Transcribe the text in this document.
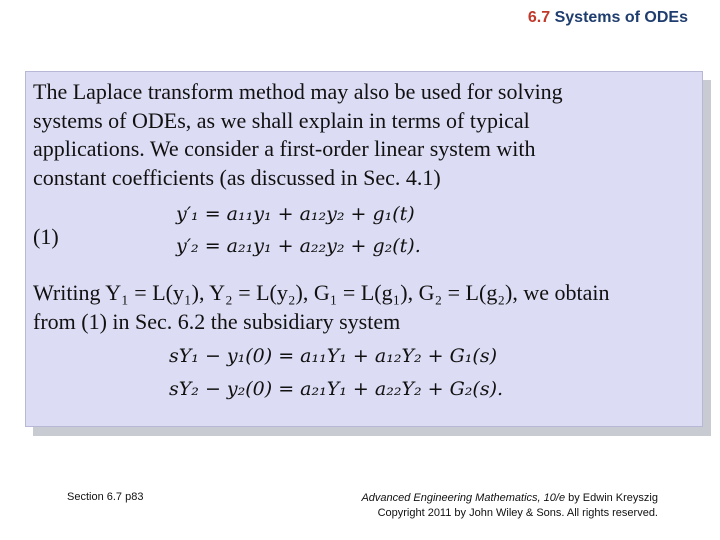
6.7 Systems of ODEs
The Laplace transform method may also be used for solving
systems of ODEs, as we shall explain in terms of typical
applications. We consider a first-order linear system with
constant coefficients (as discussed in Sec. 4.1)
(1)
y′₁ = a₁₁y₁ + a₁₂y₂ + g₁(t)
y′₂ = a₂₁y₁ + a₂₂y₂ + g₂(t).
Writing Y₁ = L(y₁), Y₂ = L(y₂), G₁ = L(g₁), G₂ = L(g₂), we obtain
from (1) in Sec. 6.2 the subsidiary system
sY₁ − y₁(0) = a₁₁Y₁ + a₁₂Y₂ + G₁(s)
sY₂ − y₂(0) = a₂₁Y₁ + a₂₂Y₂ + G₂(s).
Section 6.7 p83	Advanced Engineering Mathematics, 10/e by Edwin Kreyszig
Copyright 2011 by John Wiley & Sons. All rights reserved.
